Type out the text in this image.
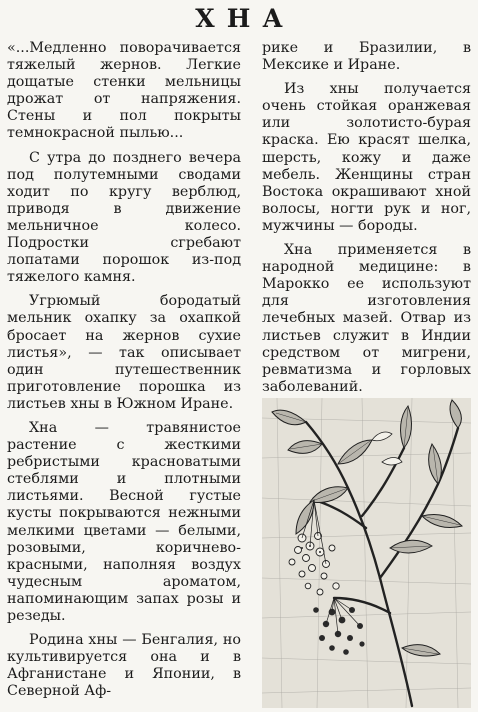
ХНА

«...Медленно поворачивается тяжелый жернов. Легкие дощатые стенки мельницы дрожат от напряжения. Стены и пол покрыты темнокрасной пылью...

С утра до позднего вечера под полутемными сводами ходит по кругу верблюд, приводя в движение мельничное колесо. Подростки сгребают лопатами порошок из-под тяжелого камня.

Угрюмый бородатый мельник охапку за охапкой бросает на жернов сухие листья», — так описывает один путешественник приготовление порошка из листьев хны в Южном Иране.

Хна — травянистое растение с жесткими ребристыми красноватыми стеблями и плотными листьями. Весной густые кусты покрываются нежными мелкими цветами — белыми, розовыми, коричнево-красными, наполняя воздух чудесным ароматом, напоминающим запах розы и резеды.

Родина хны — Бенгалия, но культивируется она и в Афганистане и Японии, в Северной Аф-

рике и Бразилии, в Мексике и Иране.

Из хны получается очень стойкая оранжевая или золотисто-бурая краска. Ею красят шелка, шерсть, кожу и даже мебель. Женщины стран Востока окрашивают хной волосы, ногти рук и ног, мужчины — бороды.

Хна применяется в народной медицине: в Марокко ее используют для изготовления лечебных мазей. Отвар из листьев служит в Индии средством от мигрени, ревматизма и горловых заболеваний.
